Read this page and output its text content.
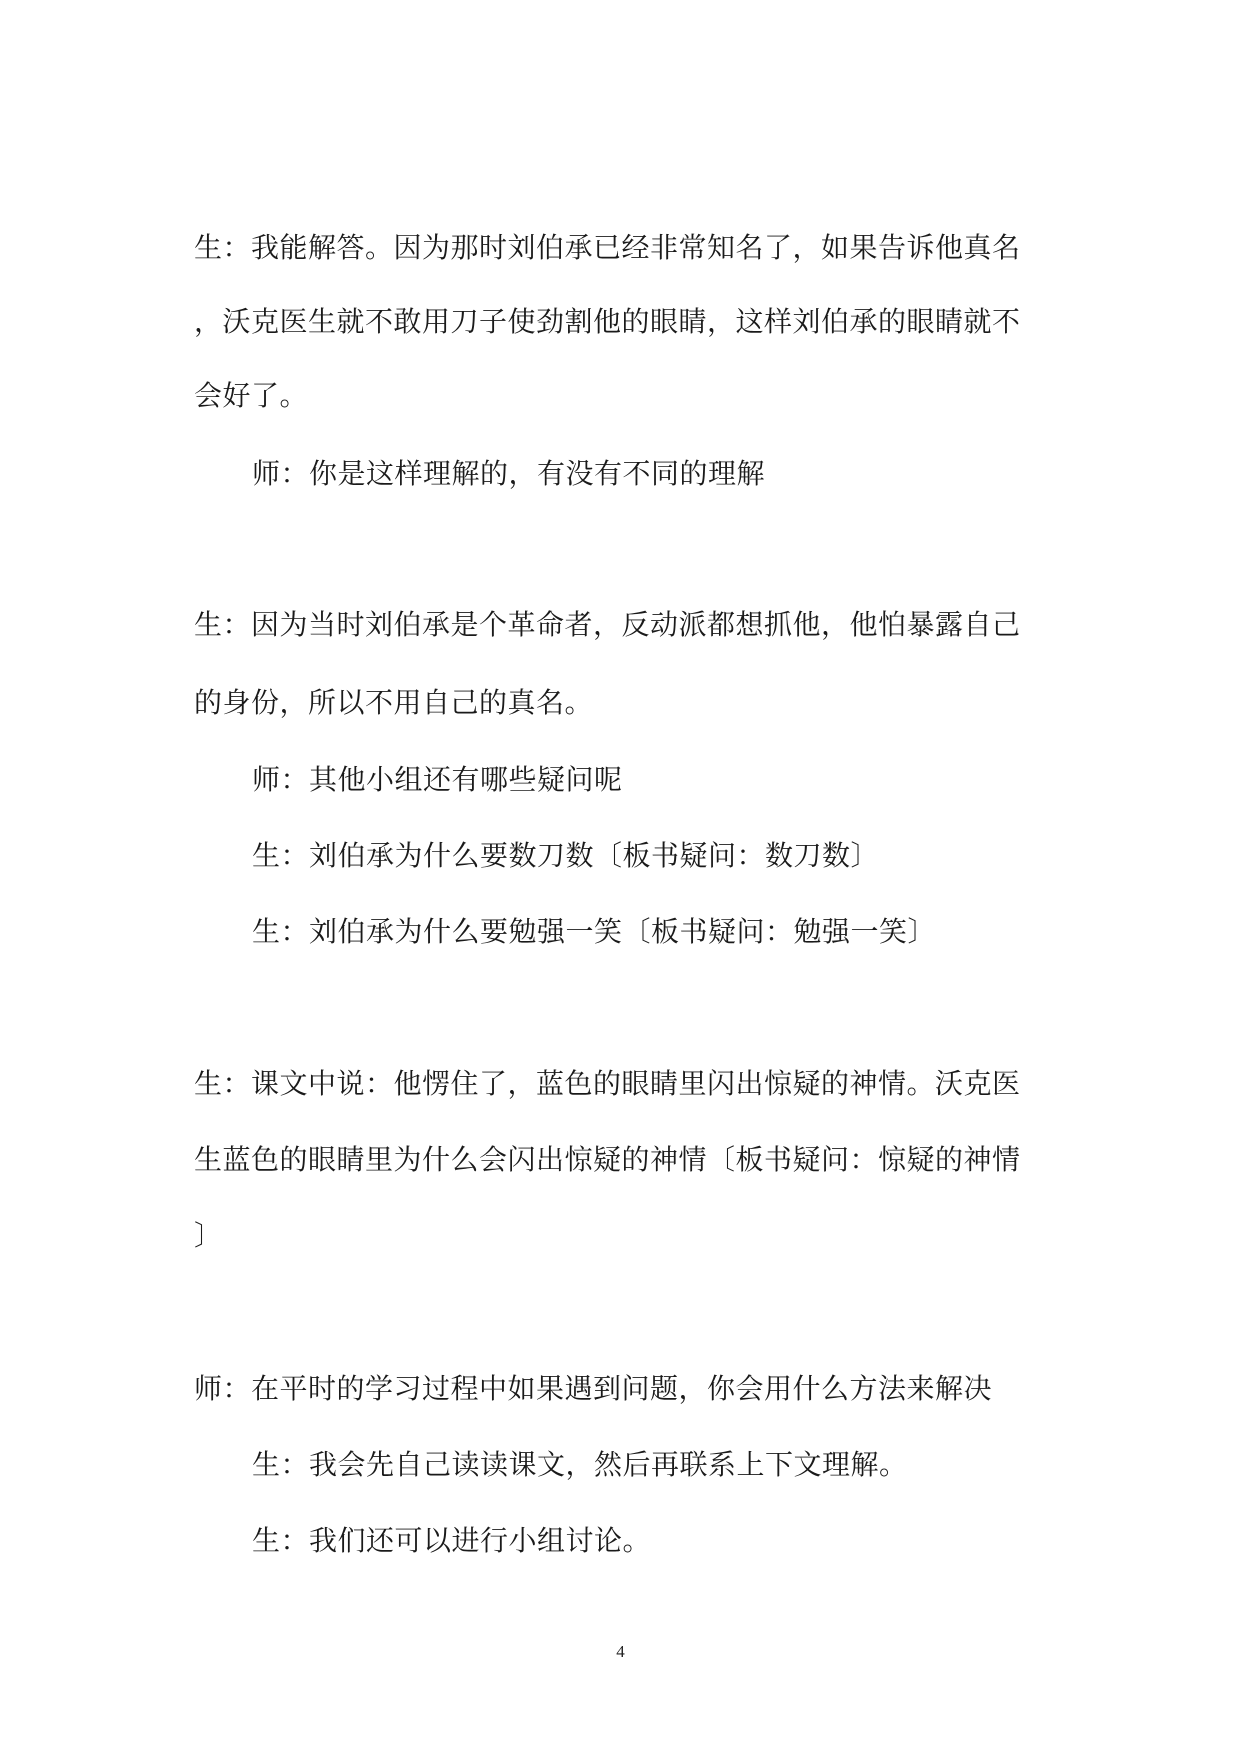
生：我能解答。因为那时刘伯承已经非常知名了，如果告诉他真名
，沃克医生就不敢用刀子使劲割他的眼睛，这样刘伯承的眼睛就不
会好了。
师：你是这样理解的，有没有不同的理解
生：因为当时刘伯承是个革命者，反动派都想抓他，他怕暴露自己
的身份，所以不用自己的真名。
师：其他小组还有哪些疑问呢
生：刘伯承为什么要数刀数〔板书疑问：数刀数〕
生：刘伯承为什么要勉强一笑〔板书疑问：勉强一笑〕
生：课文中说：他愣住了，蓝色的眼睛里闪出惊疑的神情。沃克医
生蓝色的眼睛里为什么会闪出惊疑的神情〔板书疑问：惊疑的神情
〕
师：在平时的学习过程中如果遇到问题，你会用什么方法来解决
生：我会先自己读读课文，然后再联系上下文理解。
生：我们还可以进行小组讨论。
4
